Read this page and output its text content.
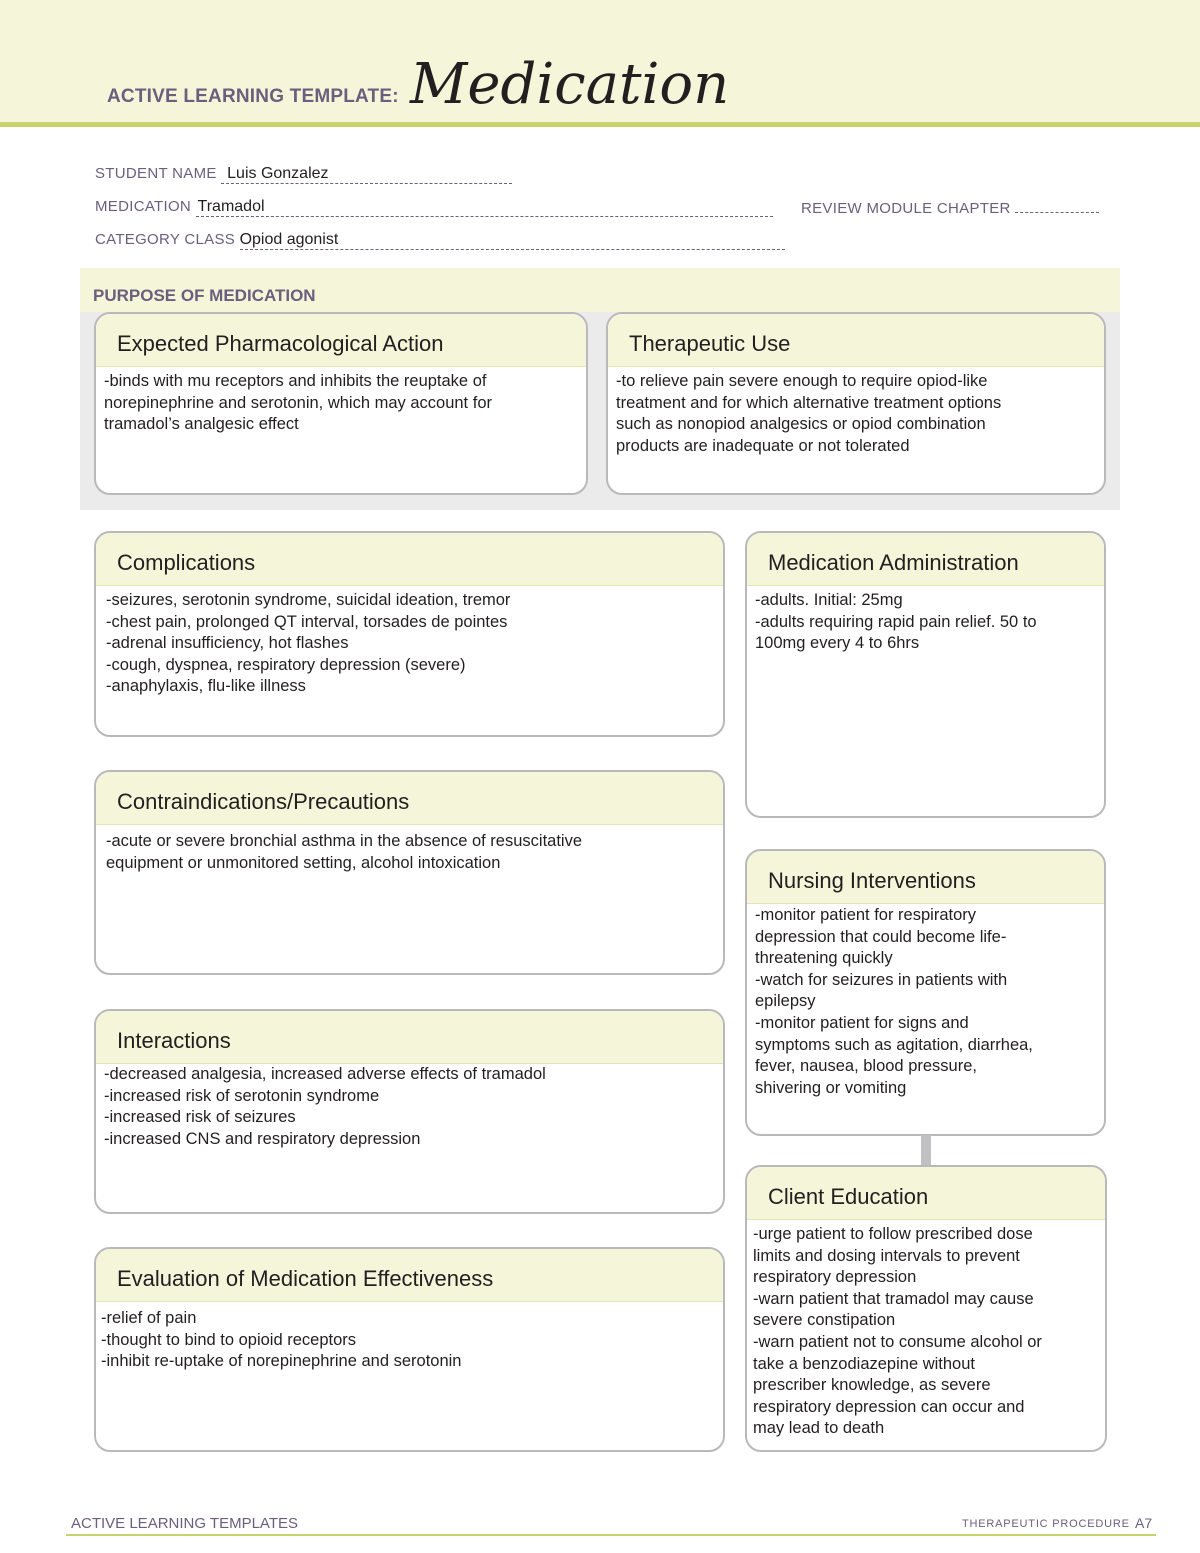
ACTIVE LEARNING TEMPLATE: Medication
STUDENT NAME Luis Gonzalez
MEDICATION Tramadol	REVIEW MODULE CHAPTER
CATEGORY CLASS Opiod agonist
PURPOSE OF MEDICATION
Expected Pharmacological Action
-binds with mu receptors and inhibits the reuptake of
norepinephrine and serotonin, which may account for
tramadol’s analgesic effect
Therapeutic Use
-to relieve pain severe enough to require opiod-like
treatment and for which alternative treatment options
such as nonopiod analgesics or opiod combination
products are inadequate or not tolerated
Complications
-seizures, serotonin syndrome, suicidal ideation, tremor
-chest pain, prolonged QT interval, torsades de pointes
-adrenal insufficiency, hot flashes
-cough, dyspnea, respiratory depression (severe)
-anaphylaxis, flu-like illness
Medication Administration
-adults. Initial: 25mg
-adults requiring rapid pain relief. 50 to
100mg every 4 to 6hrs
Contraindications/Precautions
-acute or severe bronchial asthma in the absence of resuscitative
equipment or unmonitored setting, alcohol intoxication
Nursing Interventions
-monitor patient for respiratory
depression that could become life-
threatening quickly
-watch for seizures in patients with
epilepsy
-monitor patient for signs and
symptoms such as agitation, diarrhea,
fever, nausea, blood pressure,
shivering or vomiting
Interactions
-decreased analgesia, increased adverse effects of tramadol
-increased risk of serotonin syndrome
-increased risk of seizures
-increased CNS and respiratory depression
Client Education
-urge patient to follow prescribed dose
limits and dosing intervals to prevent
respiratory depression
-warn patient that tramadol may cause
severe constipation
-warn patient not to consume alcohol or
take a benzodiazepine without
prescriber knowledge, as severe
respiratory depression can occur and
may lead to death
Evaluation of Medication Effectiveness
-relief of pain
-thought to bind to opioid receptors
-inhibit re-uptake of norepinephrine and serotonin
ACTIVE LEARNING TEMPLATES	THERAPEUTIC PROCEDURE A7
